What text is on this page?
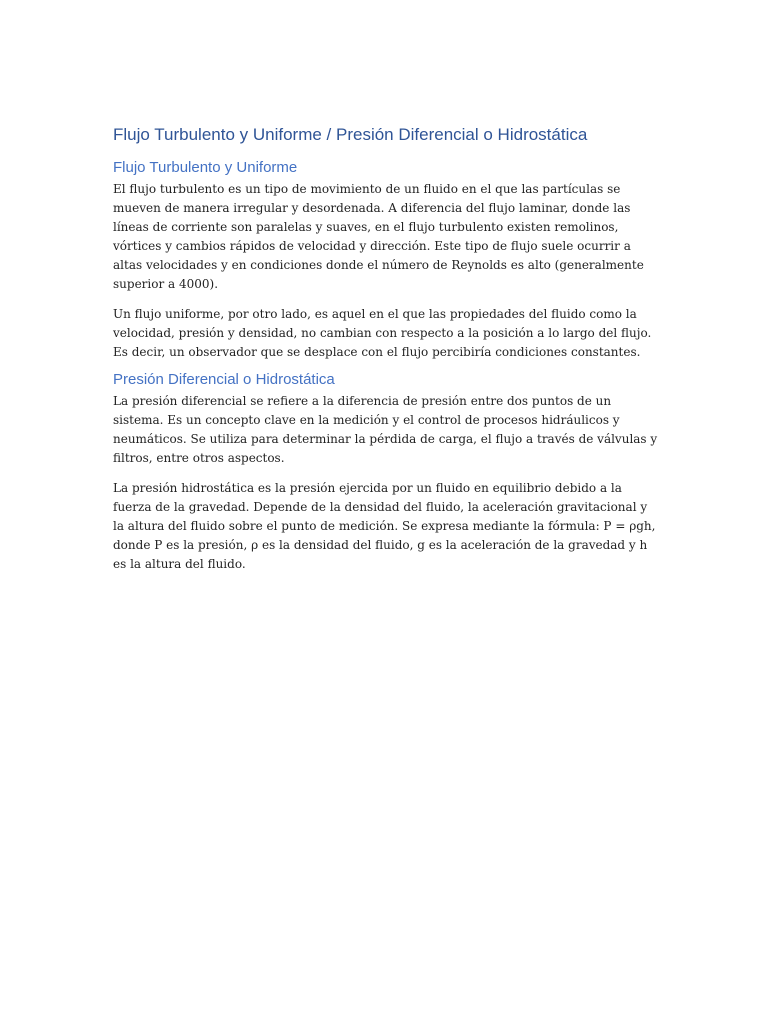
Flujo Turbulento y Uniforme / Presión Diferencial o Hidrostática
Flujo Turbulento y Uniforme

El flujo turbulento es un tipo de movimiento de un fluido en el que las partículas se mueven de manera irregular y desordenada. A diferencia del flujo laminar, donde las líneas de corriente son paralelas y suaves, en el flujo turbulento existen remolinos, vórtices y cambios rápidos de velocidad y dirección. Este tipo de flujo suele ocurrir a altas velocidades y en condiciones donde el número de Reynolds es alto (generalmente superior a 4000).

Un flujo uniforme, por otro lado, es aquel en el que las propiedades del fluido como la velocidad, presión y densidad, no cambian con respecto a la posición a lo largo del flujo. Es decir, un observador que se desplace con el flujo percibiría condiciones constantes.

Presión Diferencial o Hidrostática

La presión diferencial se refiere a la diferencia de presión entre dos puntos de un sistema. Es un concepto clave en la medición y el control de procesos hidráulicos y neumáticos. Se utiliza para determinar la pérdida de carga, el flujo a través de válvulas y filtros, entre otros aspectos.

La presión hidrostática es la presión ejercida por un fluido en equilibrio debido a la fuerza de la gravedad. Depende de la densidad del fluido, la aceleración gravitacional y la altura del fluido sobre el punto de medición. Se expresa mediante la fórmula: P = ρgh, donde P es la presión, ρ es la densidad del fluido, g es la aceleración de la gravedad y h es la altura del fluido.
